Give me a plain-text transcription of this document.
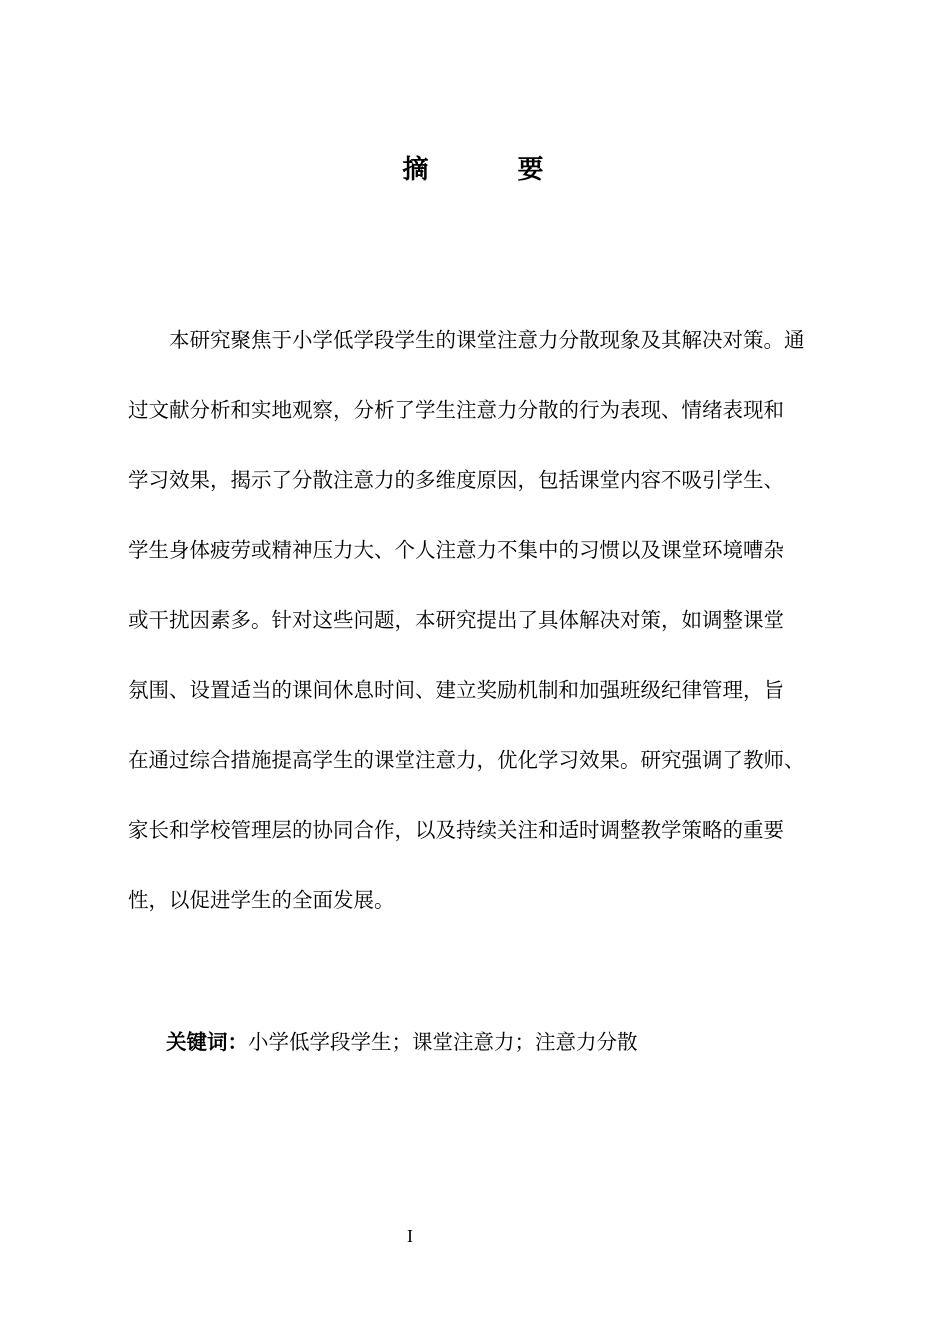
摘 要
本研究聚焦于小学低学段学生的课堂注意力分散现象及其解决对策。通
过文献分析和实地观察，分析了学生注意力分散的行为表现、情绪表现和
学习效果，揭示了分散注意力的多维度原因，包括课堂内容不吸引学生、
学生身体疲劳或精神压力大、个人注意力不集中的习惯以及课堂环境嘈杂
或干扰因素多。针对这些问题，本研究提出了具体解决对策，如调整课堂
氛围、设置适当的课间休息时间、建立奖励机制和加强班级纪律管理，旨
在通过综合措施提高学生的课堂注意力，优化学习效果。研究强调了教师、
家长和学校管理层的协同合作，以及持续关注和适时调整教学策略的重要
性，以促进学生的全面发展。
关键词：小学低学段学生；课堂注意力；注意力分散
I
